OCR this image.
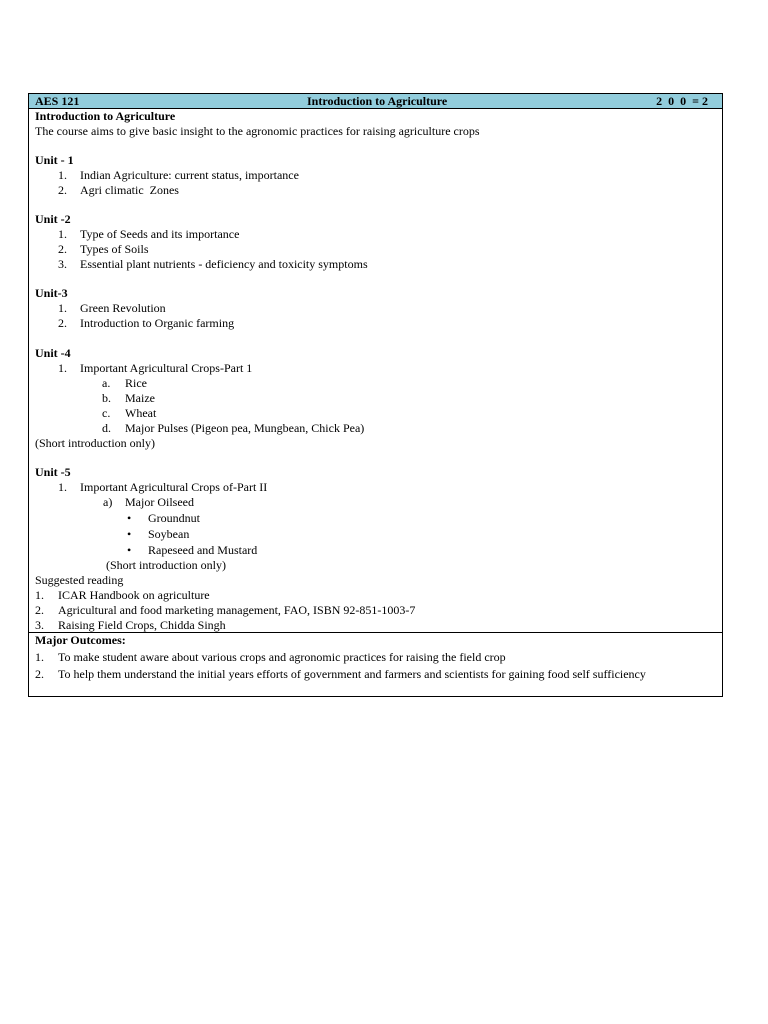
AES 121	Introduction to Agriculture	2  0  0  = 2
Introduction to Agriculture
The course aims to give basic insight to the agronomic practices for raising agriculture crops
Unit - 1
1. Indian Agriculture: current status, importance
2. Agri climatic  Zones
Unit -2
1. Type of Seeds and its importance
2. Types of Soils
3. Essential plant nutrients - deficiency and toxicity symptoms
Unit-3
1. Green Revolution
2. Introduction to Organic farming
Unit -4
1. Important Agricultural Crops-Part 1
a. Rice
b. Maize
c. Wheat
d. Major Pulses (Pigeon pea, Mungbean, Chick Pea)
(Short introduction only)
Unit -5
1. Important Agricultural Crops of-Part II
a) Major Oilseed
• Groundnut
• Soybean
• Rapeseed and Mustard
(Short introduction only)
Suggested reading
1. ICAR Handbook on agriculture
2. Agricultural and food marketing management, FAO, ISBN 92-851-1003-7
3. Raising Field Crops, Chidda Singh
Major Outcomes:
1. To make student aware about various crops and agronomic practices for raising the field crop
2. To help them understand the initial years efforts of government and farmers and scientists for gaining food self sufficiency
